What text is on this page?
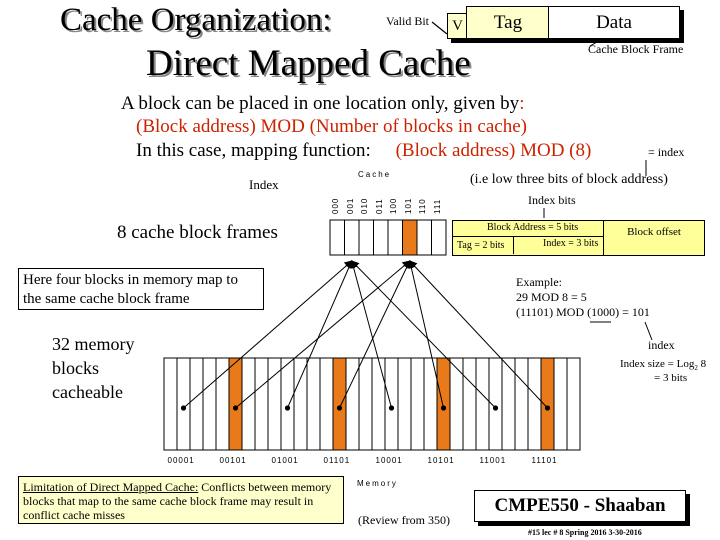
Cache Organization:
Direct Mapped Cache
Valid Bit	V	Tag	Data
Cache Block Frame
A block can be placed in one location only, given by:
(Block address) MOD (Number of blocks in cache)
In this case, mapping function: (Block address) MOD (8)	= index
(i.e low three bits of block address)
Index bits
Cache
Index
000 001 010 011 100 101 110 111
8 cache block frames	Block Address = 5 bits
Tag = 2 bits	Index = 3 bits
Block offset
Here four blocks in memory map to the same cache block frame
Example:
29 MOD 8 = 5
(11101) MOD (1000) = 101
index
Index size = Log$_2$ 8
= 3 bits
32 memory blocks cacheable
00001	00101	01001	01101	10001	10101	11001	11101
Memory
Limitation of Direct Mapped Cache: Conflicts between memory blocks that map to the same cache block frame may result in conflict cache misses	(Review from 350)
CMPE550 - Shaaban
#15 lec # 8 Spring 2016 3-30-2016
